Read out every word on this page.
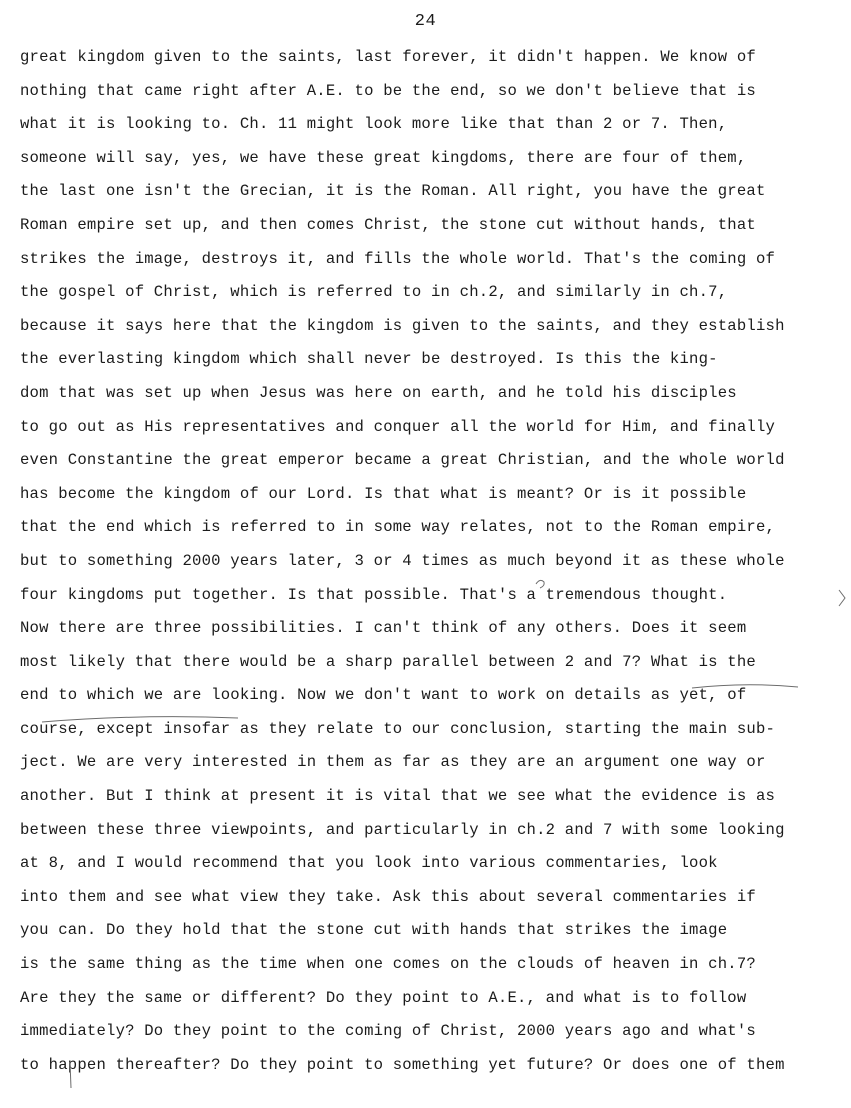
24
great kingdom given to the saints, last forever, it didn't happen. We know of
nothing that came right after A.E. to be the end, so we don't believe that is
what it is looking to. Ch. 11 might look more like that than 2 or 7. Then,
someone will say, yes, we have these great kingdoms, there are four of them,
the last one isn't the Grecian, it is the Roman. All right, you have the great
Roman empire set up, and then comes Christ, the stone cut without hands, that
strikes the image, destroys it, and fills the whole world. That's the coming of
the gospel of Christ, which is referred to in ch.2, and similarly in ch.7,
because it says here that the kingdom is given to the saints, and they establish
the everlasting kingdom which shall never be destroyed. Is this the king-
dom that was set up when Jesus was here on earth, and he told his disciples
to go out as His representatives and conquer all the world for Him, and finally
even Constantine the great emperor became a great Christian, and the whole world
has become the kingdom of our Lord. Is that what is meant? Or is it possible
that the end which is referred to in some way relates, not to the Roman empire,
but to something 2000 years later, 3 or 4 times as much beyond it as these whole
four kingdoms put together. Is that possible. That's a tremendous thought.
Now there are three possibilities. I can't think of any others. Does it seem
most likely that there would be a sharp parallel between 2 and 7? What is the
end to which we are looking. Now we don't want to work on details as yet, of
course, except insofar as they relate to our conclusion, starting the main sub-
ject. We are very interested in them as far as they are an argument one way or
another. But I think at present it is vital that we see what the evidence is as
between these three viewpoints, and particularly in ch.2 and 7 with some looking
at 8, and I would recommend that you look into various commentaries, look
into them and see what view they take. Ask this about several commentaries if
you can. Do they hold that the stone cut with hands that strikes the image
is the same thing as the time when one comes on the clouds of heaven in ch.7?
Are they the same or different? Do they point to A.E., and what is to follow
immediately? Do they point to the coming of Christ, 2000 years ago and what's
to happen thereafter? Do they point to something yet future? Or does one of them
